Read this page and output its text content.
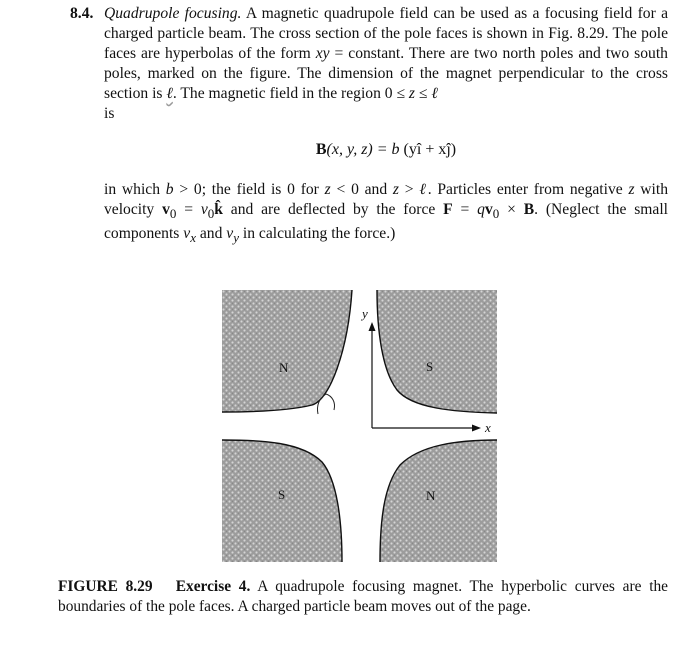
8.4. Quadrupole focusing. A magnetic quadrupole field can be used as a focusing field for a charged particle beam. The cross section of the pole faces is shown in Fig. 8.29. The pole faces are hyperbolas of the form xy = constant. There are two north poles and two south poles, marked on the figure. The dimension of the magnet perpendicular to the cross section is ℓ. The magnetic field in the region 0 ≤ z ≤ ℓ
is

B(x, y, z) = b (yî + xĵ)

in which b > 0; the field is 0 for z < 0 and z > ℓ. Particles enter from negative z with velocity $v_0$ = $v_0k̂$ and are deflected by the force $F = qv_0 \times B$. (Neglect the small components $v_x$ and $v_y$ in calculating the force.)

y
x
N	S
S	N
FIGURE 8.29 Exercise 4. A quadrupole focusing magnet. The hyperbolic curves are the boundaries of the pole faces. A charged particle beam moves out of the page.
